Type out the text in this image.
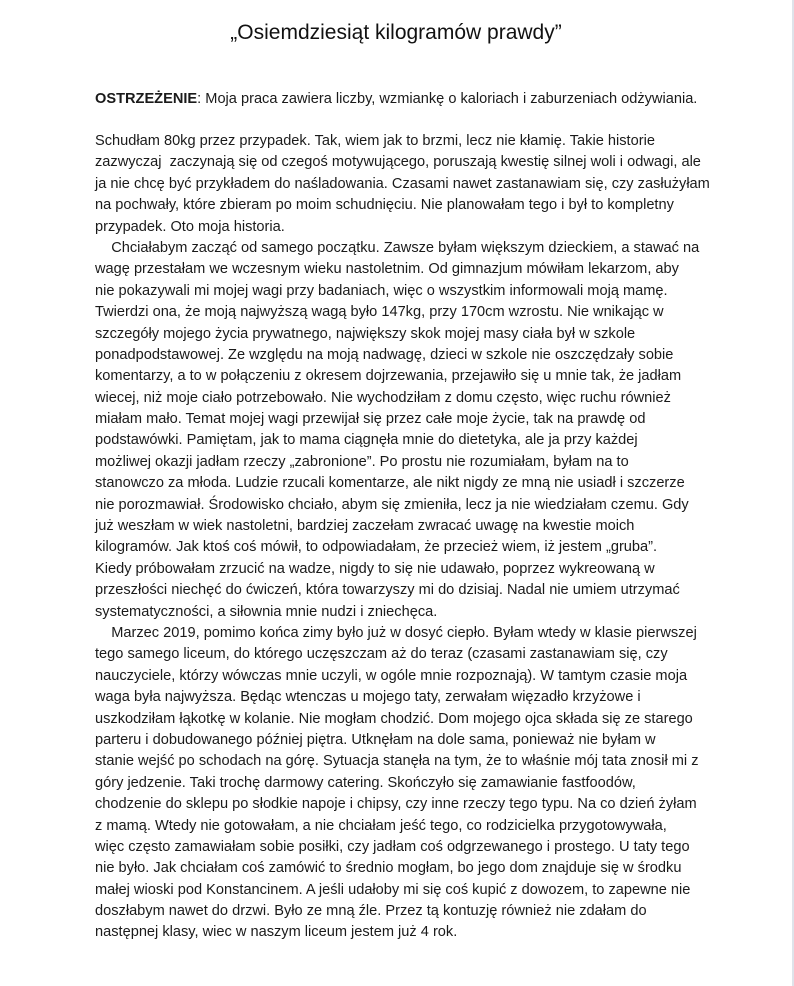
„Osiemdziesiąt kilogramów prawdy”
OSTRZEŻENIE: Moja praca zawiera liczby, wzmiankę o kaloriach i zaburzeniach odżywiania.
Schudłam 80kg przez przypadek. Tak, wiem jak to brzmi, lecz nie kłamię. Takie historie
zazwyczaj  zaczynają się od czegoś motywującego, poruszają kwestię silnej woli i odwagi, ale
ja nie chcę być przykładem do naśladowania. Czasami nawet zastanawiam się, czy zasłużyłam
na pochwały, które zbieram po moim schudnięciu. Nie planowałam tego i był to kompletny
przypadek. Oto moja historia.
Chciałabym zacząć od samego początku. Zawsze byłam większym dzieckiem, a stawać na
wagę przestałam we wczesnym wieku nastoletnim. Od gimnazjum mówiłam lekarzom, aby
nie pokazywali mi mojej wagi przy badaniach, więc o wszystkim informowali moją mamę.
Twierdzi ona, że moją najwyższą wagą było 147kg, przy 170cm wzrostu. Nie wnikając w
szczegóły mojego życia prywatnego, największy skok mojej masy ciała był w szkole
ponadpodstawowej. Ze względu na moją nadwagę, dzieci w szkole nie oszczędzały sobie
komentarzy, a to w połączeniu z okresem dojrzewania, przejawiło się u mnie tak, że jadłam
wiecej, niż moje ciało potrzebowało. Nie wychodziłam z domu często, więc ruchu również
miałam mało. Temat mojej wagi przewijał się przez całe moje życie, tak na prawdę od
podstawówki. Pamiętam, jak to mama ciągnęła mnie do dietetyka, ale ja przy każdej
możliwej okazji jadłam rzeczy „zabronione”. Po prostu nie rozumiałam, byłam na to
stanowczo za młoda. Ludzie rzucali komentarze, ale nikt nigdy ze mną nie usiadł i szczerze
nie porozmawiał. Środowisko chciało, abym się zmieniła, lecz ja nie wiedziałam czemu. Gdy
już weszłam w wiek nastoletni, bardziej zaczełam zwracać uwagę na kwestie moich
kilogramów. Jak ktoś coś mówił, to odpowiadałam, że przecież wiem, iż jestem „gruba”.
Kiedy próbowałam zrzucić na wadze, nigdy to się nie udawało, poprzez wykreowaną w
przeszłości niechęć do ćwiczeń, która towarzyszy mi do dzisiaj. Nadal nie umiem utrzymać
systematyczności, a siłownia mnie nudzi i zniechęca.
Marzec 2019, pomimo końca zimy było już w dosyć ciepło. Byłam wtedy w klasie pierwszej
tego samego liceum, do którego uczęszczam aż do teraz (czasami zastanawiam się, czy
nauczyciele, którzy wówczas mnie uczyli, w ogóle mnie rozpoznają). W tamtym czasie moja
waga była najwyższa. Będąc wtenczas u mojego taty, zerwałam więzadło krzyżowe i
uszkodziłam łąkotkę w kolanie. Nie mogłam chodzić. Dom mojego ojca składa się ze starego
parteru i dobudowanego później piętra. Utknęłam na dole sama, ponieważ nie byłam w
stanie wejść po schodach na górę. Sytuacja stanęła na tym, że to właśnie mój tata znosił mi z
góry jedzenie. Taki trochę darmowy catering. Skończyło się zamawianie fastfoodów,
chodzenie do sklepu po słodkie napoje i chipsy, czy inne rzeczy tego typu. Na co dzień żyłam
z mamą. Wtedy nie gotowałam, a nie chciałam jeść tego, co rodzicielka przygotowywała,
więc często zamawiałam sobie posiłki, czy jadłam coś odgrzewanego i prostego. U taty tego
nie było. Jak chciałam coś zamówić to średnio mogłam, bo jego dom znajduje się w środku
małej wioski pod Konstancinem. A jeśli udałoby mi się coś kupić z dowozem, to zapewne nie
doszłabym nawet do drzwi. Było ze mną źle. Przez tą kontuzję również nie zdałam do
następnej klasy, wiec w naszym liceum jestem już 4 rok.
